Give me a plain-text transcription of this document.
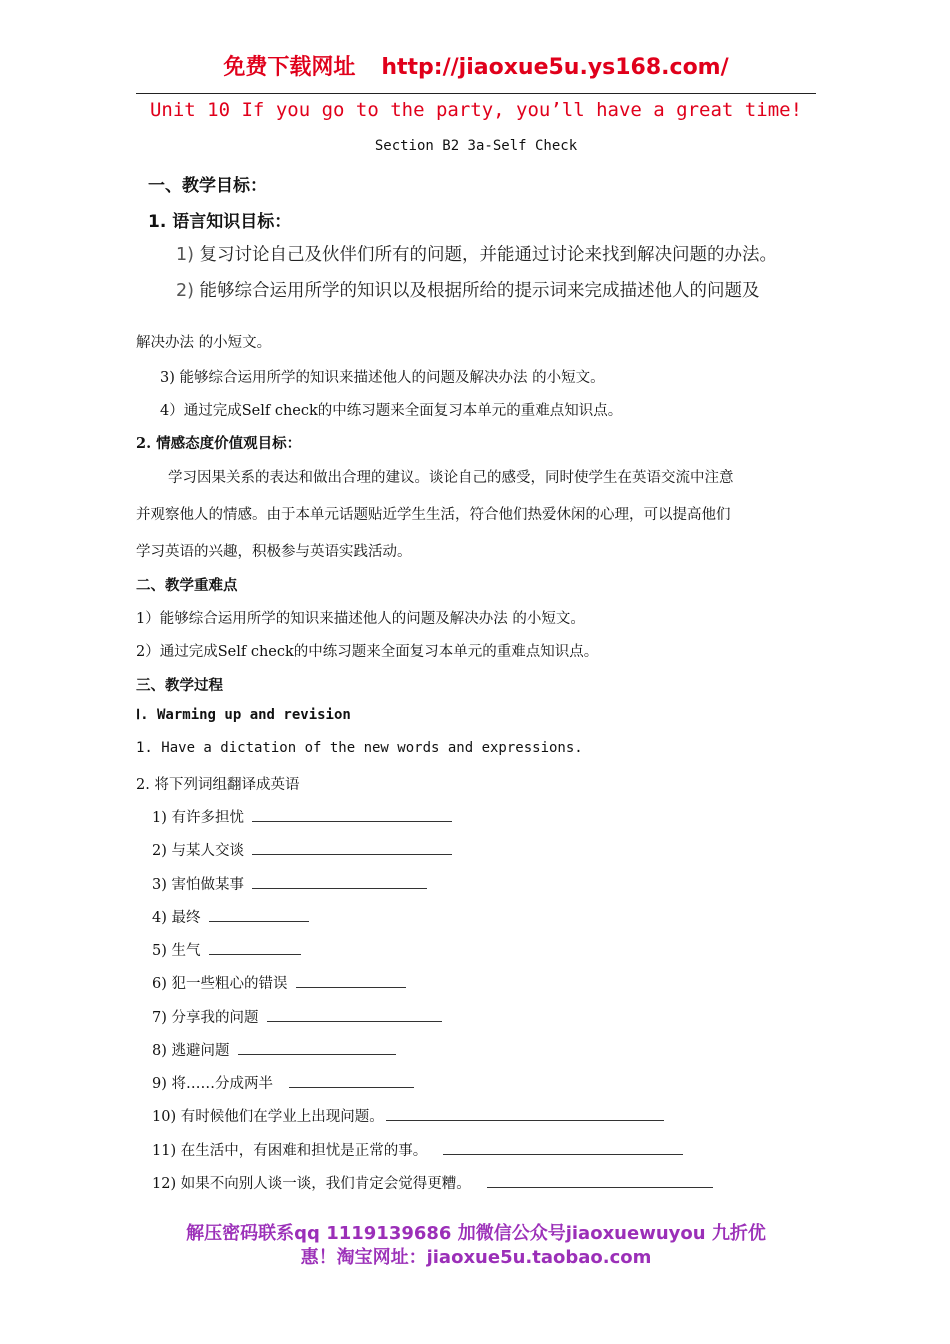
免费下载网址 http://jiaoxue5u.ys168.com/
Unit 10 If you go to the party, you’ll have a great time!
Section B2 3a-Self Check
一、教学目标：
1. 语言知识目标：
1) 复习讨论自己及伙伴们所有的问题，并能通过讨论来找到解决问题的办法。
2) 能够综合运用所学的知识以及根据所给的提示词来完成描述他人的问题及
解决办法 的小短文。
3) 能够综合运用所学的知识来描述他人的问题及解决办法 的小短文。
4）通过完成Self check的中练习题来全面复习本单元的重难点知识点。
2. 情感态度价值观目标：
学习因果关系的表达和做出合理的建议。谈论自己的感受，同时使学生在英语交流中注意
并观察他人的情感。由于本单元话题贴近学生生活，符合他们热爱休闲的心理，可以提高他们
学习英语的兴趣，积极参与英语实践活动。
二、教学重难点
1）能够综合运用所学的知识来描述他人的问题及解决办法 的小短文。
2）通过完成Self check的中练习题来全面复习本单元的重难点知识点。
三、教学过程
Ⅰ. Warming up and revision
1. Have a dictation of the new words and expressions.
2. 将下列词组翻译成英语
1) 有许多担忧
2) 与某人交谈
3) 害怕做某事
4) 最终
5) 生气
6) 犯一些粗心的错误
7) 分享我的问题
8) 逃避问题
9) 将……分成两半
10) 有时候他们在学业上出现问题。
11) 在生活中，有困难和担忧是正常的事。
12) 如果不向别人谈一谈，我们肯定会觉得更糟。
解压密码联系qq 1119139686 加微信公众号jiaoxuewuyou 九折优
惠！淘宝网址：jiaoxue5u.taobao.com
